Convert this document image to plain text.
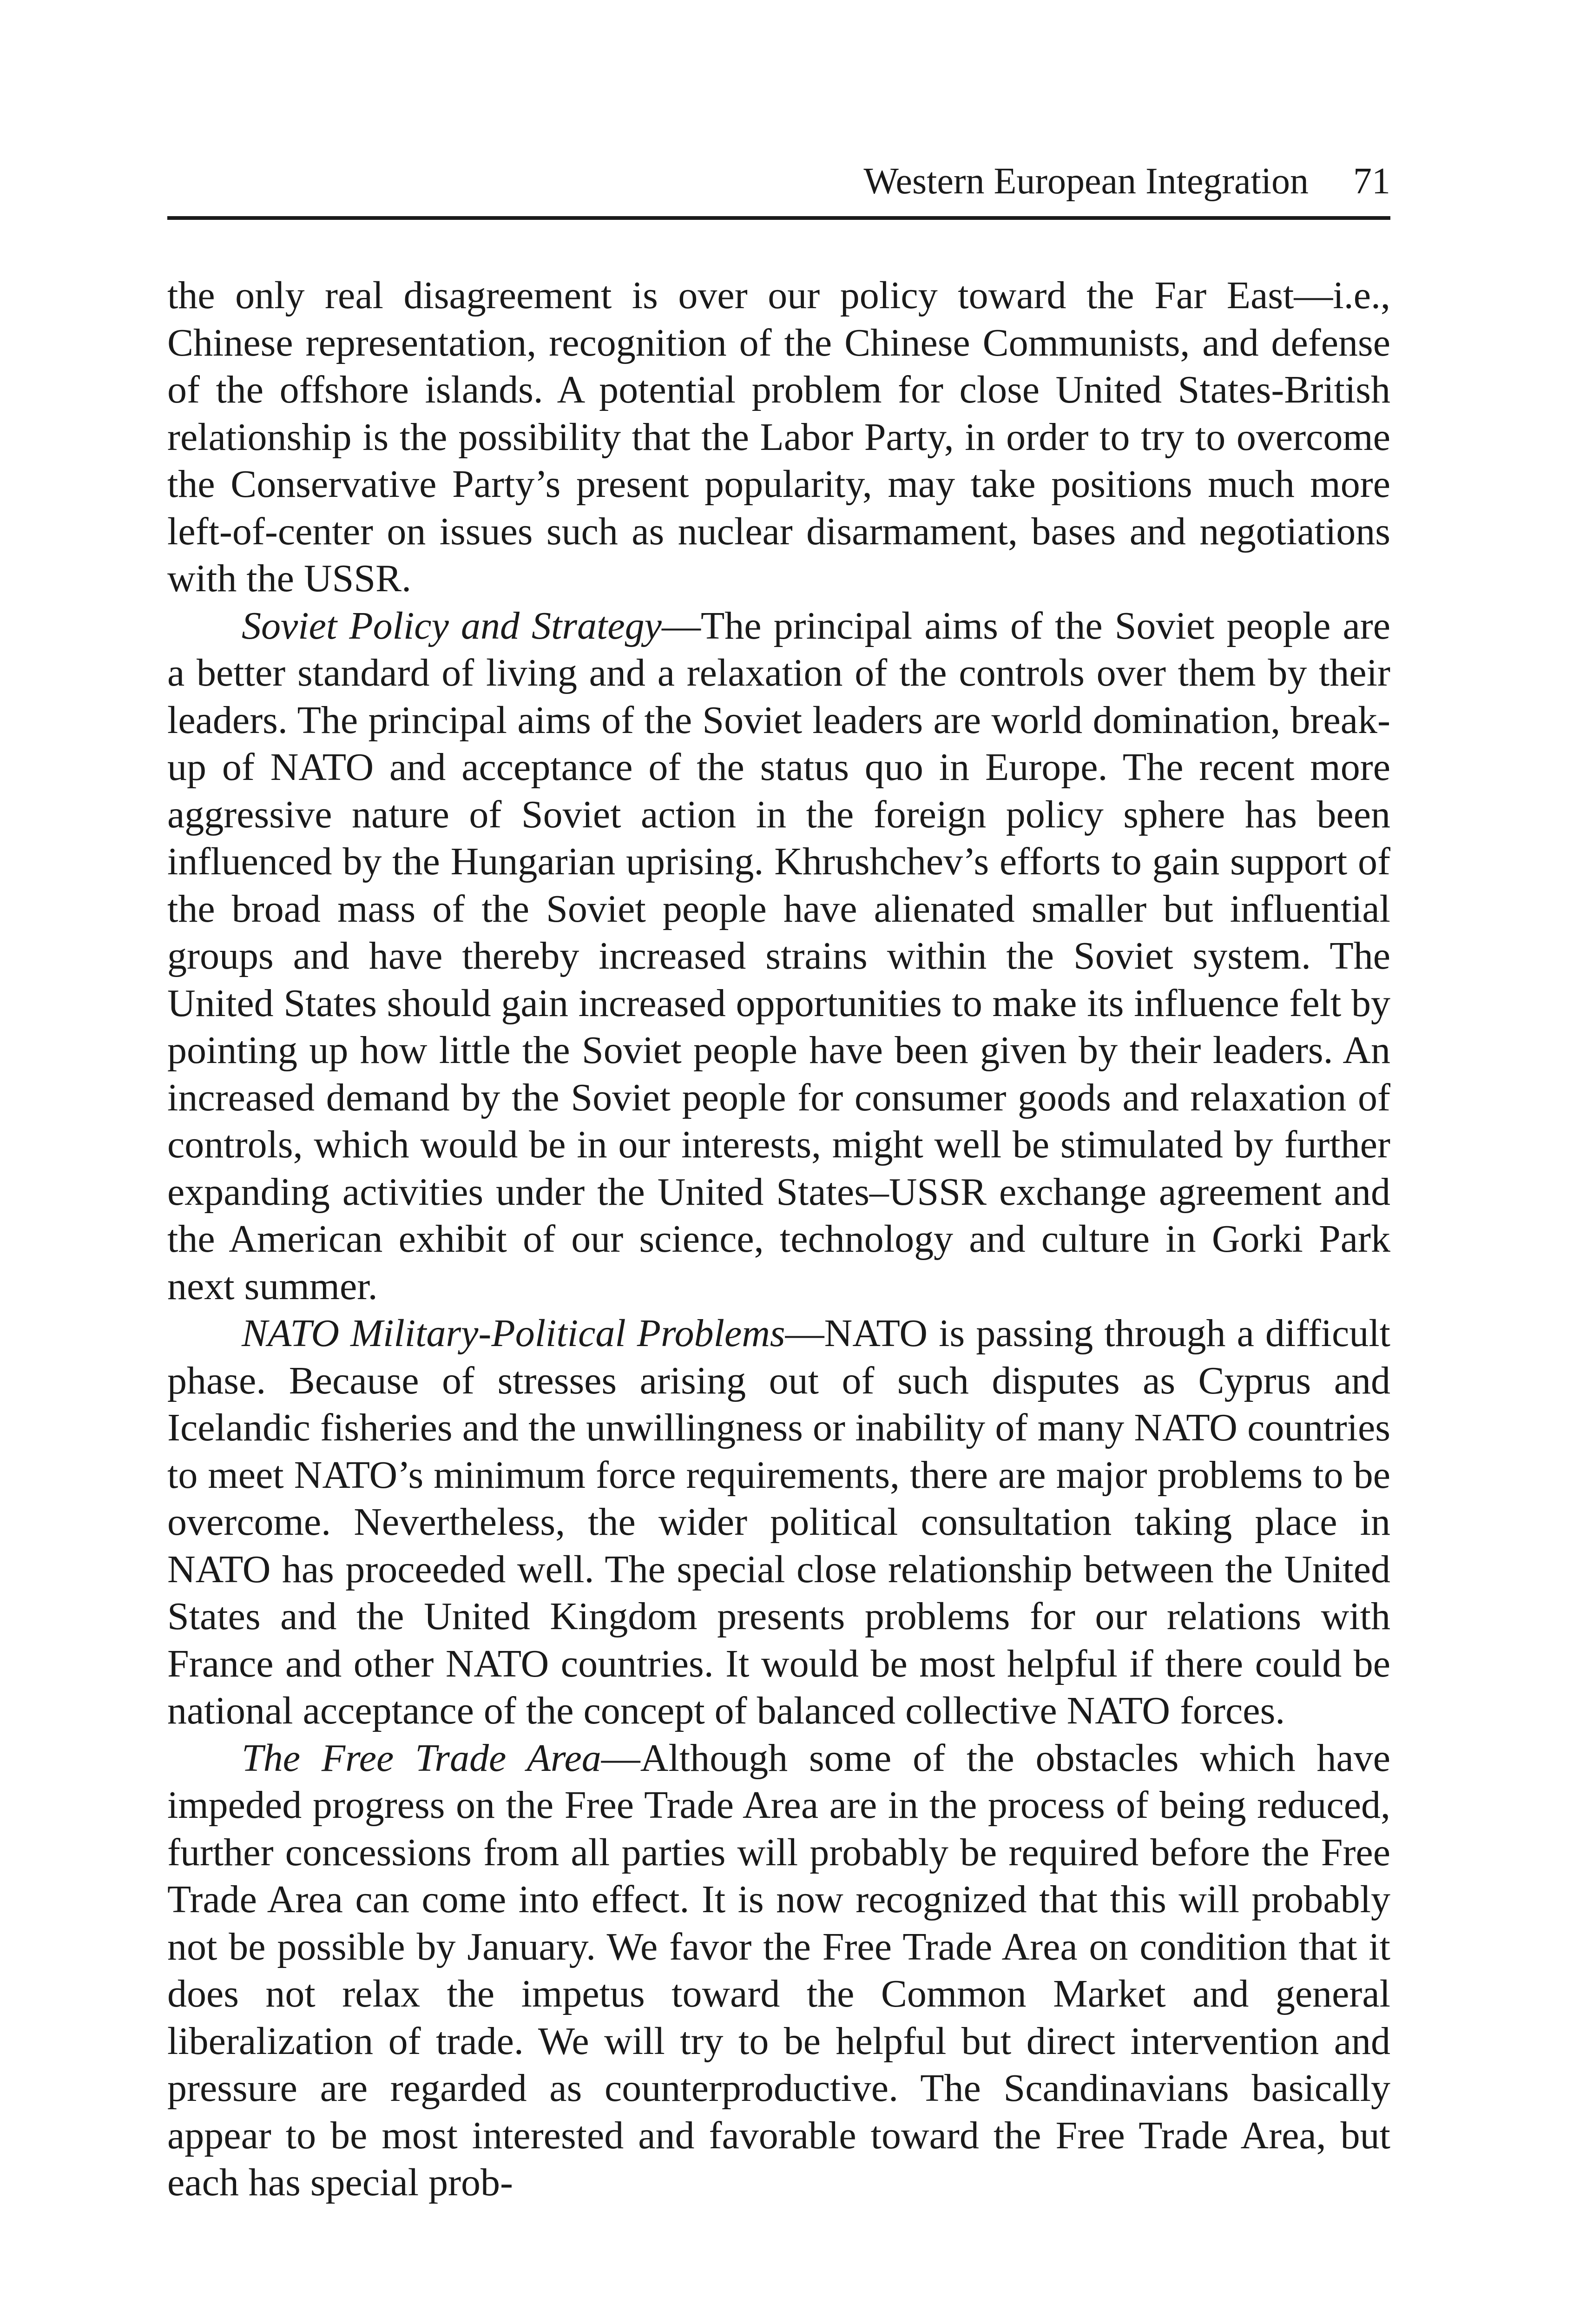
Western European Integration 71

the only real disagreement is over our policy toward the Far East—i.e., Chinese representation, recognition of the Chinese Communists, and defense of the offshore islands. A potential problem for close United States-British relationship is the possibility that the Labor Party, in order to try to overcome the Conservative Party’s present popularity, may take positions much more left-of-center on issues such as nuclear disarmament, bases and negotiations with the USSR.

Soviet Policy and Strategy—The principal aims of the Soviet people are a better standard of living and a relaxation of the controls over them by their leaders. The principal aims of the Soviet leaders are world domination, break-up of NATO and acceptance of the status quo in Europe. The recent more aggressive nature of Soviet action in the foreign policy sphere has been influenced by the Hungarian uprising. Khrushchev’s efforts to gain support of the broad mass of the Soviet people have alienated smaller but influential groups and have thereby increased strains within the Soviet system. The United States should gain increased opportunities to make its influence felt by pointing up how little the Soviet people have been given by their leaders. An increased demand by the Soviet people for consumer goods and relaxation of controls, which would be in our interests, might well be stimulated by further expanding activities under the United States–USSR exchange agreement and the American exhibit of our science, technology and culture in Gorki Park next summer.

NATO Military-Political Problems—NATO is passing through a difficult phase. Because of stresses arising out of such disputes as Cyprus and Icelandic fisheries and the unwillingness or inability of many NATO countries to meet NATO’s minimum force requirements, there are major problems to be overcome. Nevertheless, the wider political consultation taking place in NATO has proceeded well. The special close relationship between the United States and the United Kingdom presents problems for our relations with France and other NATO countries. It would be most helpful if there could be national acceptance of the concept of balanced collective NATO forces.

The Free Trade Area—Although some of the obstacles which have impeded progress on the Free Trade Area are in the process of being reduced, further concessions from all parties will probably be required before the Free Trade Area can come into effect. It is now recognized that this will probably not be possible by January. We favor the Free Trade Area on condition that it does not relax the impetus toward the Common Market and general liberalization of trade. We will try to be helpful but direct intervention and pressure are regarded as counterproductive. The Scandinavians basically appear to be most interested and favorable toward the Free Trade Area, but each has special prob-
